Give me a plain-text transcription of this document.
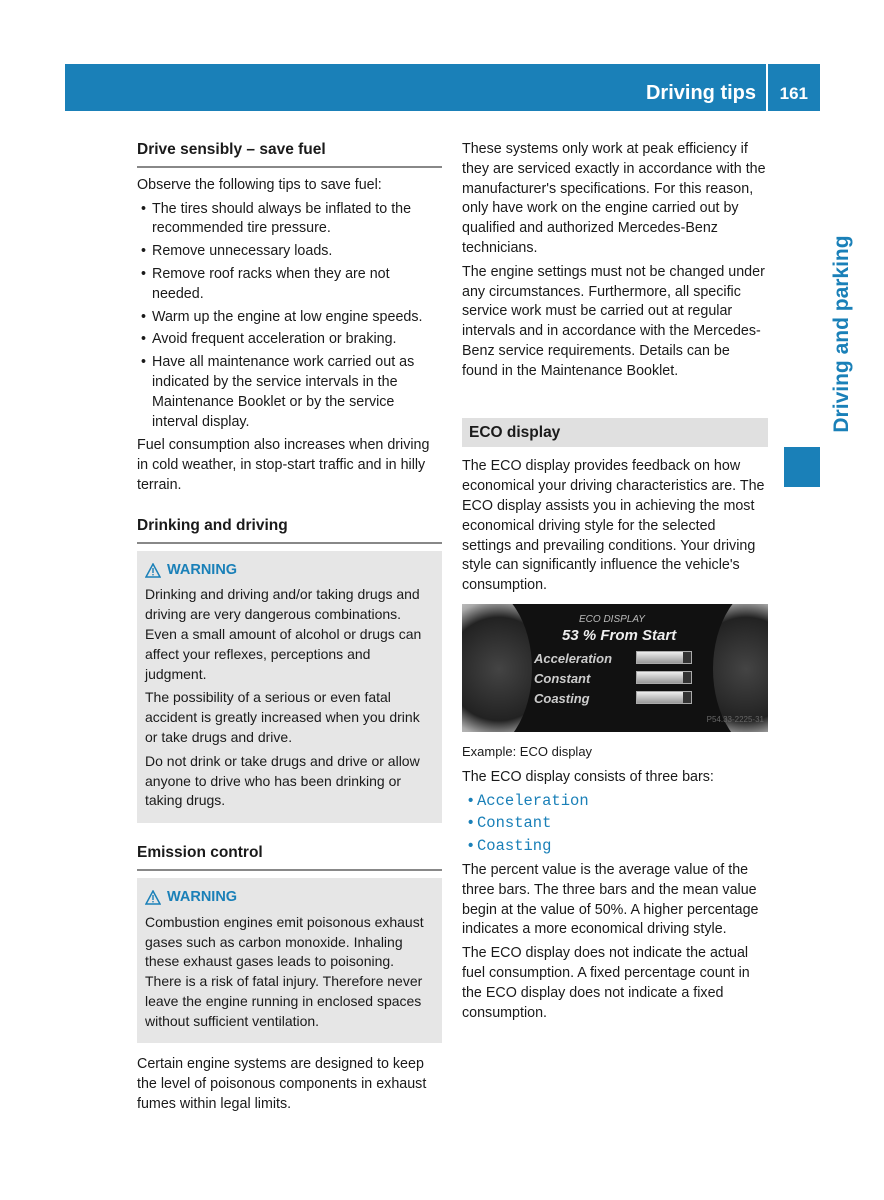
Driving tips 161
Driving and parking
Drive sensibly – save fuel

Observe the following tips to save fuel:

• The tires should always be inflated to the recommended tire pressure.
• Remove unnecessary loads.
• Remove roof racks when they are not needed.
• Warm up the engine at low engine speeds.
• Avoid frequent acceleration or braking.
• Have all maintenance work carried out as indicated by the service intervals in the Maintenance Booklet or by the service interval display.

Fuel consumption also increases when driving in cold weather, in stop-start traffic and in hilly terrain.

Drinking and driving
WARNING

Drinking and driving and/or taking drugs and driving are very dangerous combinations. Even a small amount of alcohol or drugs can affect your reflexes, perceptions and judgment.

The possibility of a serious or even fatal accident is greatly increased when you drink or take drugs and drive.

Do not drink or take drugs and drive or allow anyone to drive who has been drinking or taking drugs.

Emission control
WARNING

Combustion engines emit poisonous exhaust gases such as carbon monoxide. Inhaling these exhaust gases leads to poisoning. There is a risk of fatal injury. Therefore never leave the engine running in enclosed spaces without sufficient ventilation.

Certain engine systems are designed to keep the level of poisonous components in exhaust fumes within legal limits.

These systems only work at peak efficiency if they are serviced exactly in accordance with the manufacturer's specifications. For this reason, only have work on the engine carried out by qualified and authorized Mercedes-Benz technicians.

The engine settings must not be changed under any circumstances. Furthermore, all specific service work must be carried out at regular intervals and in accordance with the Mercedes-Benz service requirements. Details can be found in the Maintenance Booklet.

ECO display

The ECO display provides feedback on how economical your driving characteristics are. The ECO display assists you in achieving the most economical driving style for the selected settings and prevailing conditions. Your driving style can significantly influence the vehicle's consumption.

ECO DISPLAY
53 % From Start
Acceleration
Constant
Coasting
P54.33-2225-31
Example: ECO display

The ECO display consists of three bars:

• Acceleration
• Constant
• Coasting

The percent value is the average value of the three bars. The three bars and the mean value begin at the value of 50%. A higher percentage indicates a more economical driving style.

The ECO display does not indicate the actual fuel consumption. A fixed percentage count in the ECO display does not indicate a fixed consumption.
